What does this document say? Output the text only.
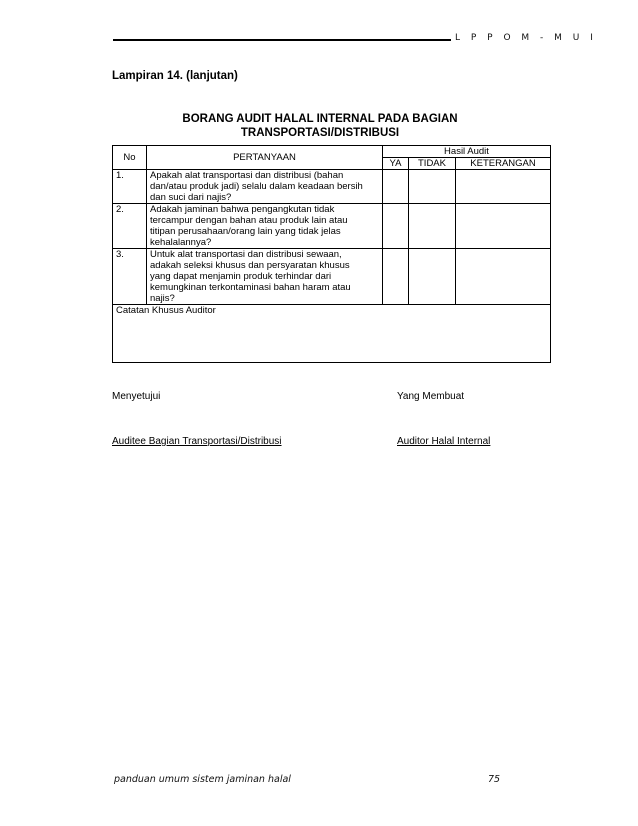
L P P O M - M U I
Lampiran 14. (lanjutan)
BORANG AUDIT HALAL INTERNAL PADA BAGIAN
TRANSPORTASI/DISTRIBUSI
No	PERTANYAAN	Hasil Audit		
		YA	TIDAK	KETERANGAN
1.	Apakah alat transportasi dan distribusi (bahan
dan/atau produk jadi) selalu dalam keadaan bersih
dan suci dari najis?			

2.	Adakah jaminan bahwa pengangkutan tidak
tercampur dengan bahan atau produk lain atau
titipan perusahaan/orang lain yang tidak jelas
kehalalannya?			

3.	Untuk alat transportasi dan distribusi sewaan,
adakah seleksi khusus dan persyaratan khusus
yang dapat menjamin produk terhindar dari
kemungkinan terkontaminasi bahan haram atau
najis?			

Catatan Khusus Auditor				
Menyetujui	Yang Membuat
Auditee Bagian Transportasi/Distribusi	Auditor Halal Internal
panduan umum sistem jaminan halal	75
